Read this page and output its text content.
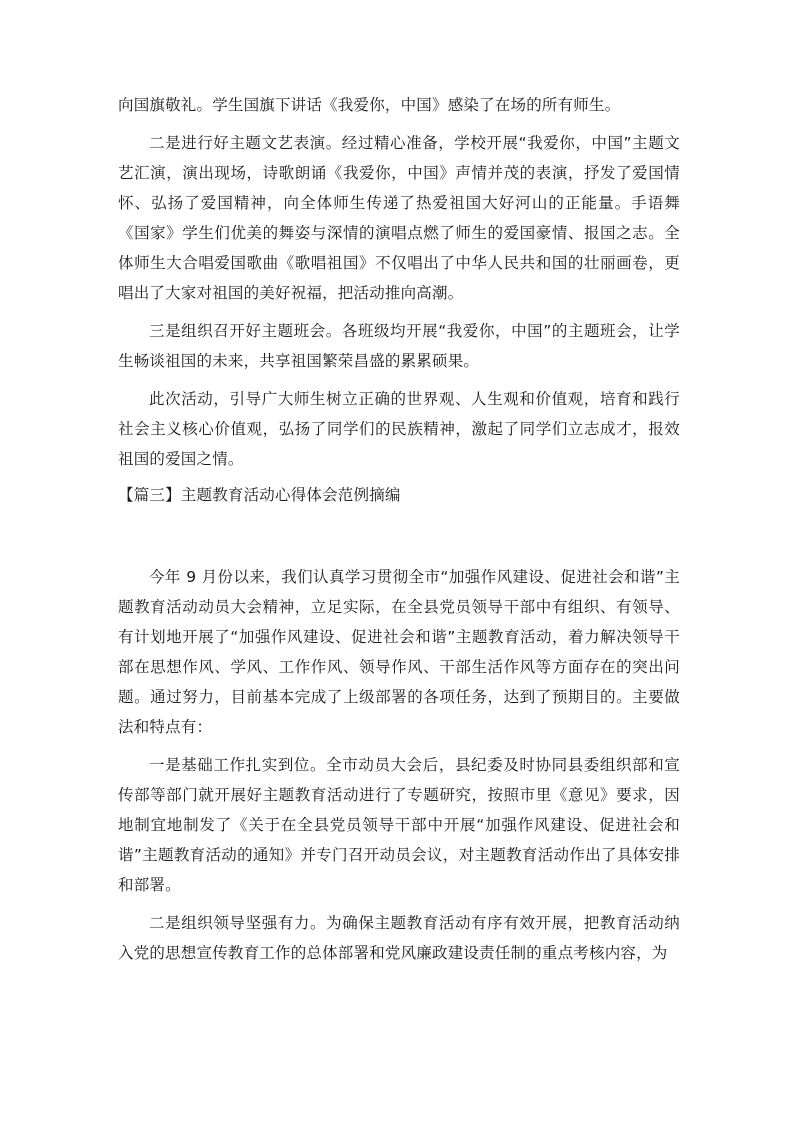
向国旗敬礼。学生国旗下讲话《我爱你，中国》感染了在场的所有师生。

二是进行好主题文艺表演。经过精心准备，学校开展“我爱你，中国”主题文艺汇演，演出现场，诗歌朗诵《我爱你，中国》声情并茂的表演，抒发了爱国情怀、弘扬了爱国精神，向全体师生传递了热爱祖国大好河山的正能量。手语舞《国家》学生们优美的舞姿与深情的演唱点燃了师生的爱国豪情、报国之志。全体师生大合唱爱国歌曲《歌唱祖国》不仅唱出了中华人民共和国的壮丽画卷，更唱出了大家对祖国的美好祝福，把活动推向高潮。

三是组织召开好主题班会。各班级均开展“我爱你，中国”的主题班会，让学生畅谈祖国的未来，共享祖国繁荣昌盛的累累硕果。

此次活动，引导广大师生树立正确的世界观、人生观和价值观，培育和践行社会主义核心价值观，弘扬了同学们的民族精神，激起了同学们立志成才，报效祖国的爱国之情。

【篇三】主题教育活动心得体会范例摘编

今年 9 月份以来，我们认真学习贯彻全市“加强作风建设、促进社会和谐”主题教育活动动员大会精神，立足实际，在全县党员领导干部中有组织、有领导、有计划地开展了“加强作风建设、促进社会和谐”主题教育活动，着力解决领导干部在思想作风、学风、工作作风、领导作风、干部生活作风等方面存在的突出问题。通过努力，目前基本完成了上级部署的各项任务，达到了预期目的。主要做法和特点有：

一是基础工作扎实到位。全市动员大会后，县纪委及时协同县委组织部和宣传部等部门就开展好主题教育活动进行了专题研究，按照市里《意见》要求，因地制宜地制发了《关于在全县党员领导干部中开展“加强作风建设、促进社会和谐”主题教育活动的通知》并专门召开动员会议，对主题教育活动作出了具体安排和部署。

二是组织领导坚强有力。为确保主题教育活动有序有效开展，把教育活动纳入党的思想宣传教育工作的总体部署和党风廉政建设责任制的重点考核内容，为
